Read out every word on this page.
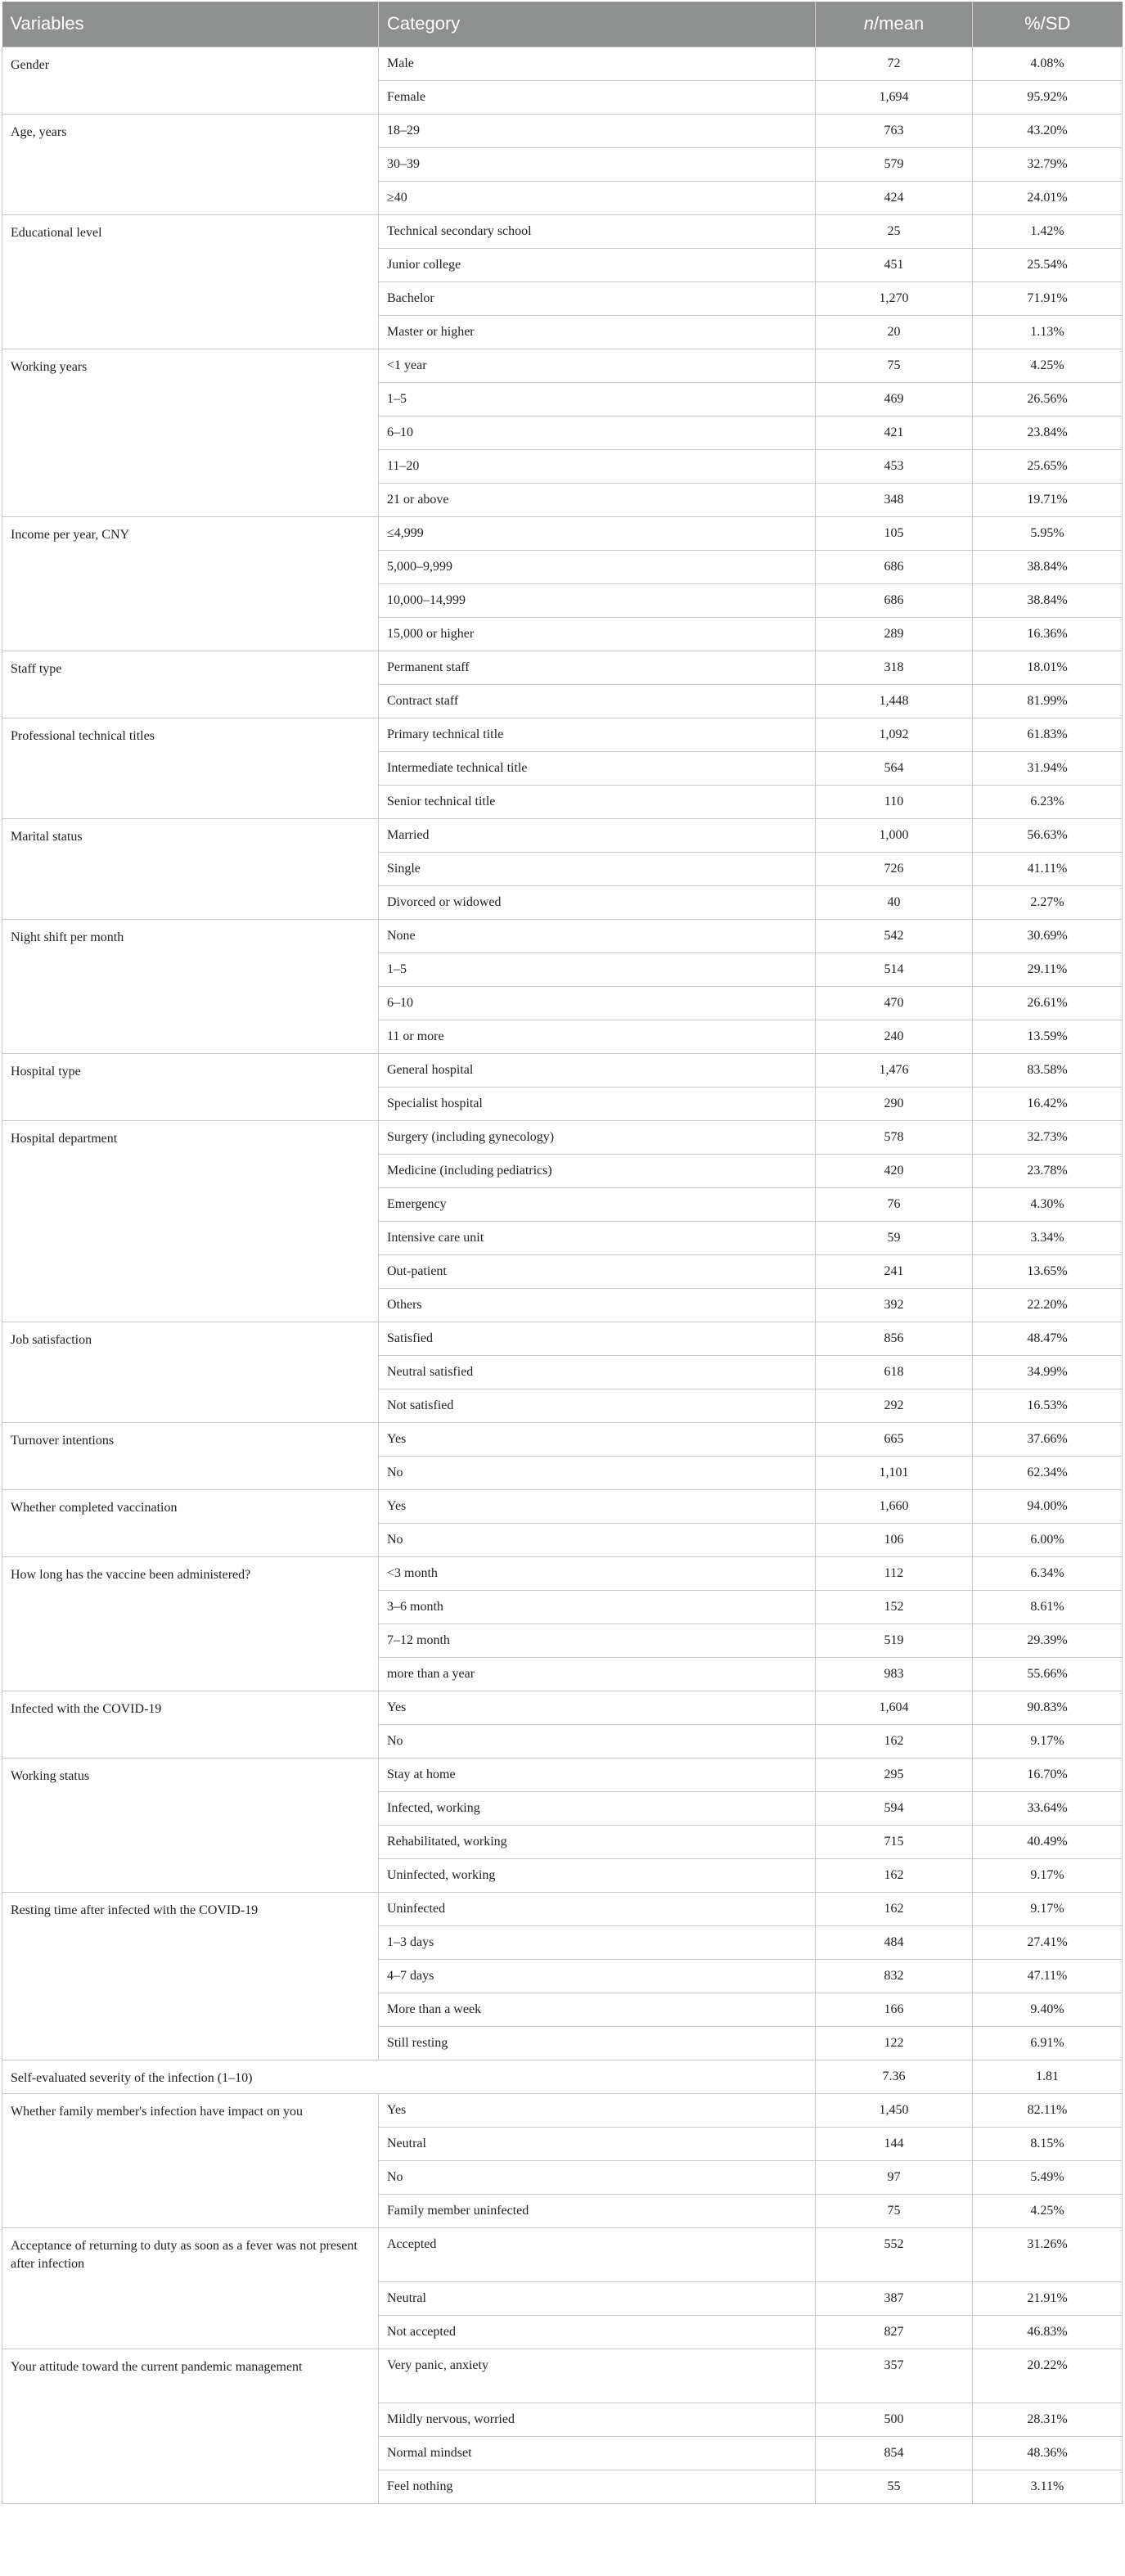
Variables	Category	n/mean	%/SD
Gender	Male	72	4.08%
	Female	1,694	95.92%
Age, years	18–29	763	43.20%
	30–39	579	32.79%
	≥40	424	24.01%
Educational level	Technical secondary school	25	1.42%
	Junior college	451	25.54%
	Bachelor	1,270	71.91%
	Master or higher	20	1.13%
Working years	<1 year	75	4.25%
	1–5	469	26.56%
	6–10	421	23.84%
	11–20	453	25.65%
	21 or above	348	19.71%
Income per year, CNY	≤4,999	105	5.95%
	5,000–9,999	686	38.84%
	10,000–14,999	686	38.84%
	15,000 or higher	289	16.36%
Staff type	Permanent staff	318	18.01%
	Contract staff	1,448	81.99%
Professional technical titles	Primary technical title	1,092	61.83%
	Intermediate technical title	564	31.94%
	Senior technical title	110	6.23%
Marital status	Married	1,000	56.63%
	Single	726	41.11%
	Divorced or widowed	40	2.27%
Night shift per month	None	542	30.69%
	1–5	514	29.11%
	6–10	470	26.61%
	11 or more	240	13.59%
Hospital type	General hospital	1,476	83.58%
	Specialist hospital	290	16.42%
Hospital department	Surgery (including gynecology)	578	32.73%
	Medicine (including pediatrics)	420	23.78%
	Emergency	76	4.30%
	Intensive care unit	59	3.34%
	Out-patient	241	13.65%
	Others	392	22.20%
Job satisfaction	Satisfied	856	48.47%
	Neutral satisfied	618	34.99%
	Not satisfied	292	16.53%
Turnover intentions	Yes	665	37.66%
	No	1,101	62.34%
Whether completed vaccination	Yes	1,660	94.00%
	No	106	6.00%
How long has the vaccine been administered?	<3 month	112	6.34%
	3–6 month	152	8.61%
	7–12 month	519	29.39%
	more than a year	983	55.66%
Infected with the COVID-19	Yes	1,604	90.83%
	No	162	9.17%
Working status	Stay at home	295	16.70%
	Infected, working	594	33.64%
	Rehabilitated, working	715	40.49%
	Uninfected, working	162	9.17%
Resting time after infected with the COVID-19	Uninfected	162	9.17%
	1–3 days	484	27.41%
	4–7 days	832	47.11%
	More than a week	166	9.40%
	Still resting	122	6.91%
Self-evaluated severity of the infection (1–10)		7.36	1.81
Whether family member's infection have impact on you	Yes	1,450	82.11%
	Neutral	144	8.15%
	No	97	5.49%
	Family member uninfected	75	4.25%
Acceptance of returning to duty as soon as a fever was not present after infection	Accepted	552	31.26%
	Neutral	387	21.91%
	Not accepted	827	46.83%
Your attitude toward the current pandemic management	Very panic, anxiety	357	20.22%
	Mildly nervous, worried	500	28.31%
	Normal mindset	854	48.36%
	Feel nothing	55	3.11%
